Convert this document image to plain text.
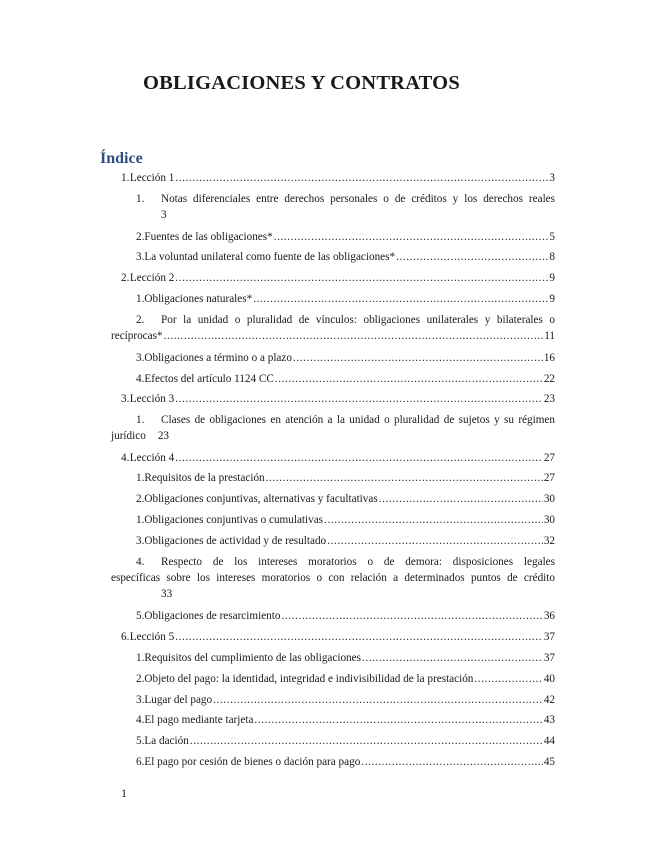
OBLIGACIONES Y CONTRATOS
Índice
1. Lección 1 .....	3
1.	Notas diferenciales entre derechos personales o de créditos y los derechos reales
3
2. Fuentes de las obligaciones* .....	5
3. La voluntad unilateral como fuente de las obligaciones* .....	8
2. Lección 2 .....	9
1. Obligaciones naturales* .....	9
2.	Por la unidad o pluralidad de vínculos: obligaciones unilaterales y bilaterales o
recíprocas* .....	11
3. Obligaciones a término o a plazo .....	16
4. Efectos del artículo 1124 CC .....	22
3. Lección 3 .....	23
1.	Clases de obligaciones en atención a la unidad o pluralidad de sujetos y su régimen
jurídico 23
4. Lección 4 .....	27
1. Requisitos de la prestación .....	27
2. Obligaciones conjuntivas, alternativas y facultativas .....	30
1. Obligaciones conjuntivas o cumulativas .....	30
3. Obligaciones de actividad y de resultado .....	32
4.	Respecto de los intereses moratorios o de demora: disposiciones legales
específicas sobre los intereses moratorios o con relación a determinados puntos de crédito
33
5. Obligaciones de resarcimiento .....	36
6. Lección 5 .....	37
1. Requisitos del cumplimiento de las obligaciones .....	37
2. Objeto del pago: la identidad, integridad e indivisibilidad de la prestación .....	40
3. Lugar del pago .....	42
4. El pago mediante tarjeta .....	43
5. La dación .....	44
6. El pago por cesión de bienes o dación para pago .....	45

1
